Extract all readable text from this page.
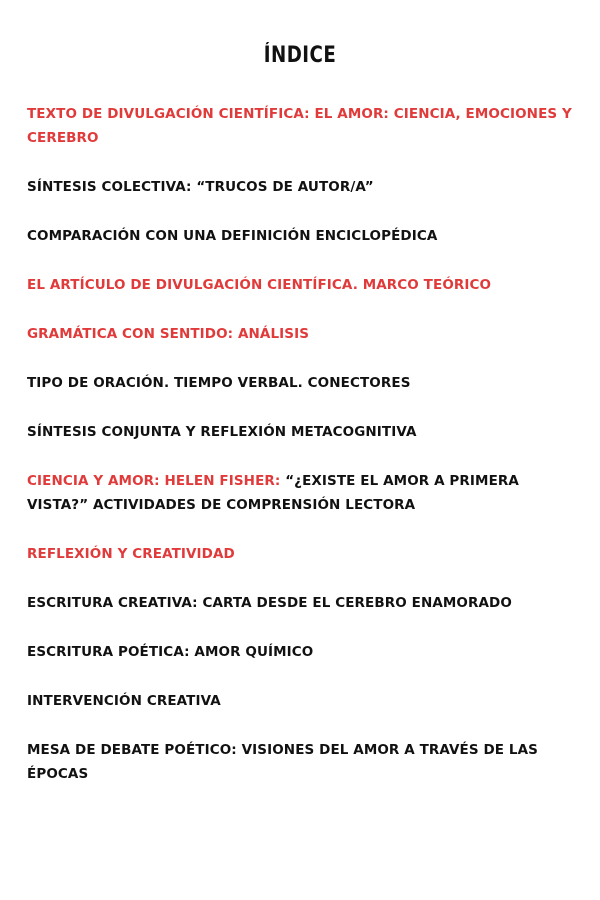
ÍNDICE
TEXTO DE DIVULGACIÓN CIENTÍFICA: EL AMOR: CIENCIA, EMOCIONES Y CEREBRO
SÍNTESIS COLECTIVA: “TRUCOS DE AUTOR/A”
COMPARACIÓN CON UNA DEFINICIÓN ENCICLOPÉDICA
EL ARTÍCULO DE DIVULGACIÓN CIENTÍFICA. MARCO TEÓRICO
GRAMÁTICA CON SENTIDO: ANÁLISIS
TIPO DE ORACIÓN. TIEMPO VERBAL. CONECTORES
SÍNTESIS CONJUNTA Y REFLEXIÓN METACOGNITIVA
CIENCIA Y AMOR: HELEN FISHER: “¿EXISTE EL AMOR A PRIMERA VISTA?” ACTIVIDADES DE COMPRENSIÓN LECTORA
REFLEXIÓN Y CREATIVIDAD
ESCRITURA CREATIVA: CARTA DESDE EL CEREBRO ENAMORADO
ESCRITURA POÉTICA: AMOR QUÍMICO
INTERVENCIÓN CREATIVA
MESA DE DEBATE POÉTICO: VISIONES DEL AMOR A TRAVÉS DE LAS ÉPOCAS
